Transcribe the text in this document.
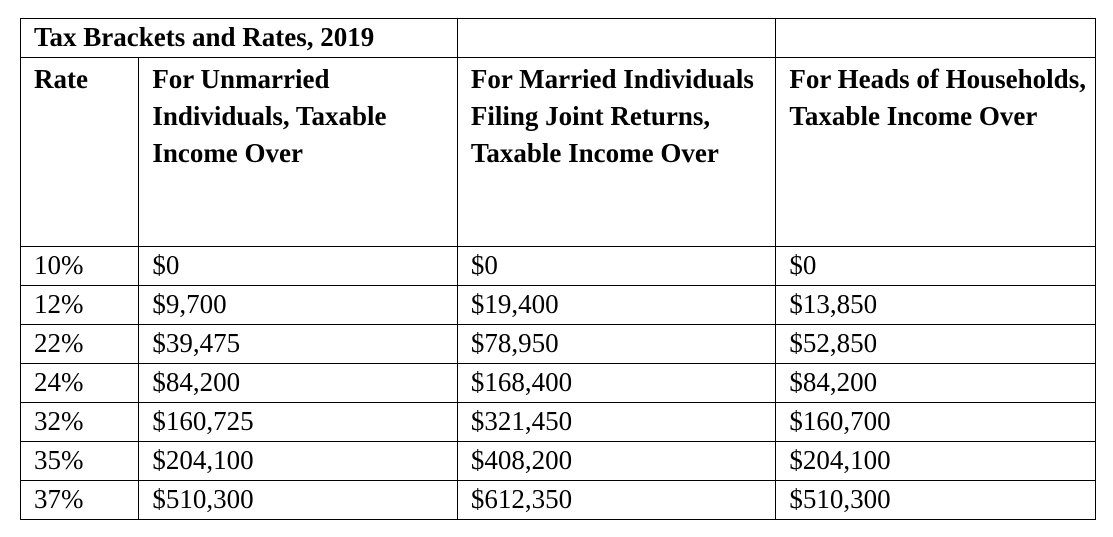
Tax Brackets and Rates, 2019			
Rate	For Unmarried Individuals, Taxable Income Over	For Married Individuals Filing Joint Returns, Taxable Income Over	For Heads of Households, Taxable Income Over
10%	$0	$0	$0
12%	$9,700	$19,400	$13,850
22%	$39,475	$78,950	$52,850
24%	$84,200	$168,400	$84,200
32%	$160,725	$321,450	$160,700
35%	$204,100	$408,200	$204,100
37%	$510,300	$612,350	$510,300
